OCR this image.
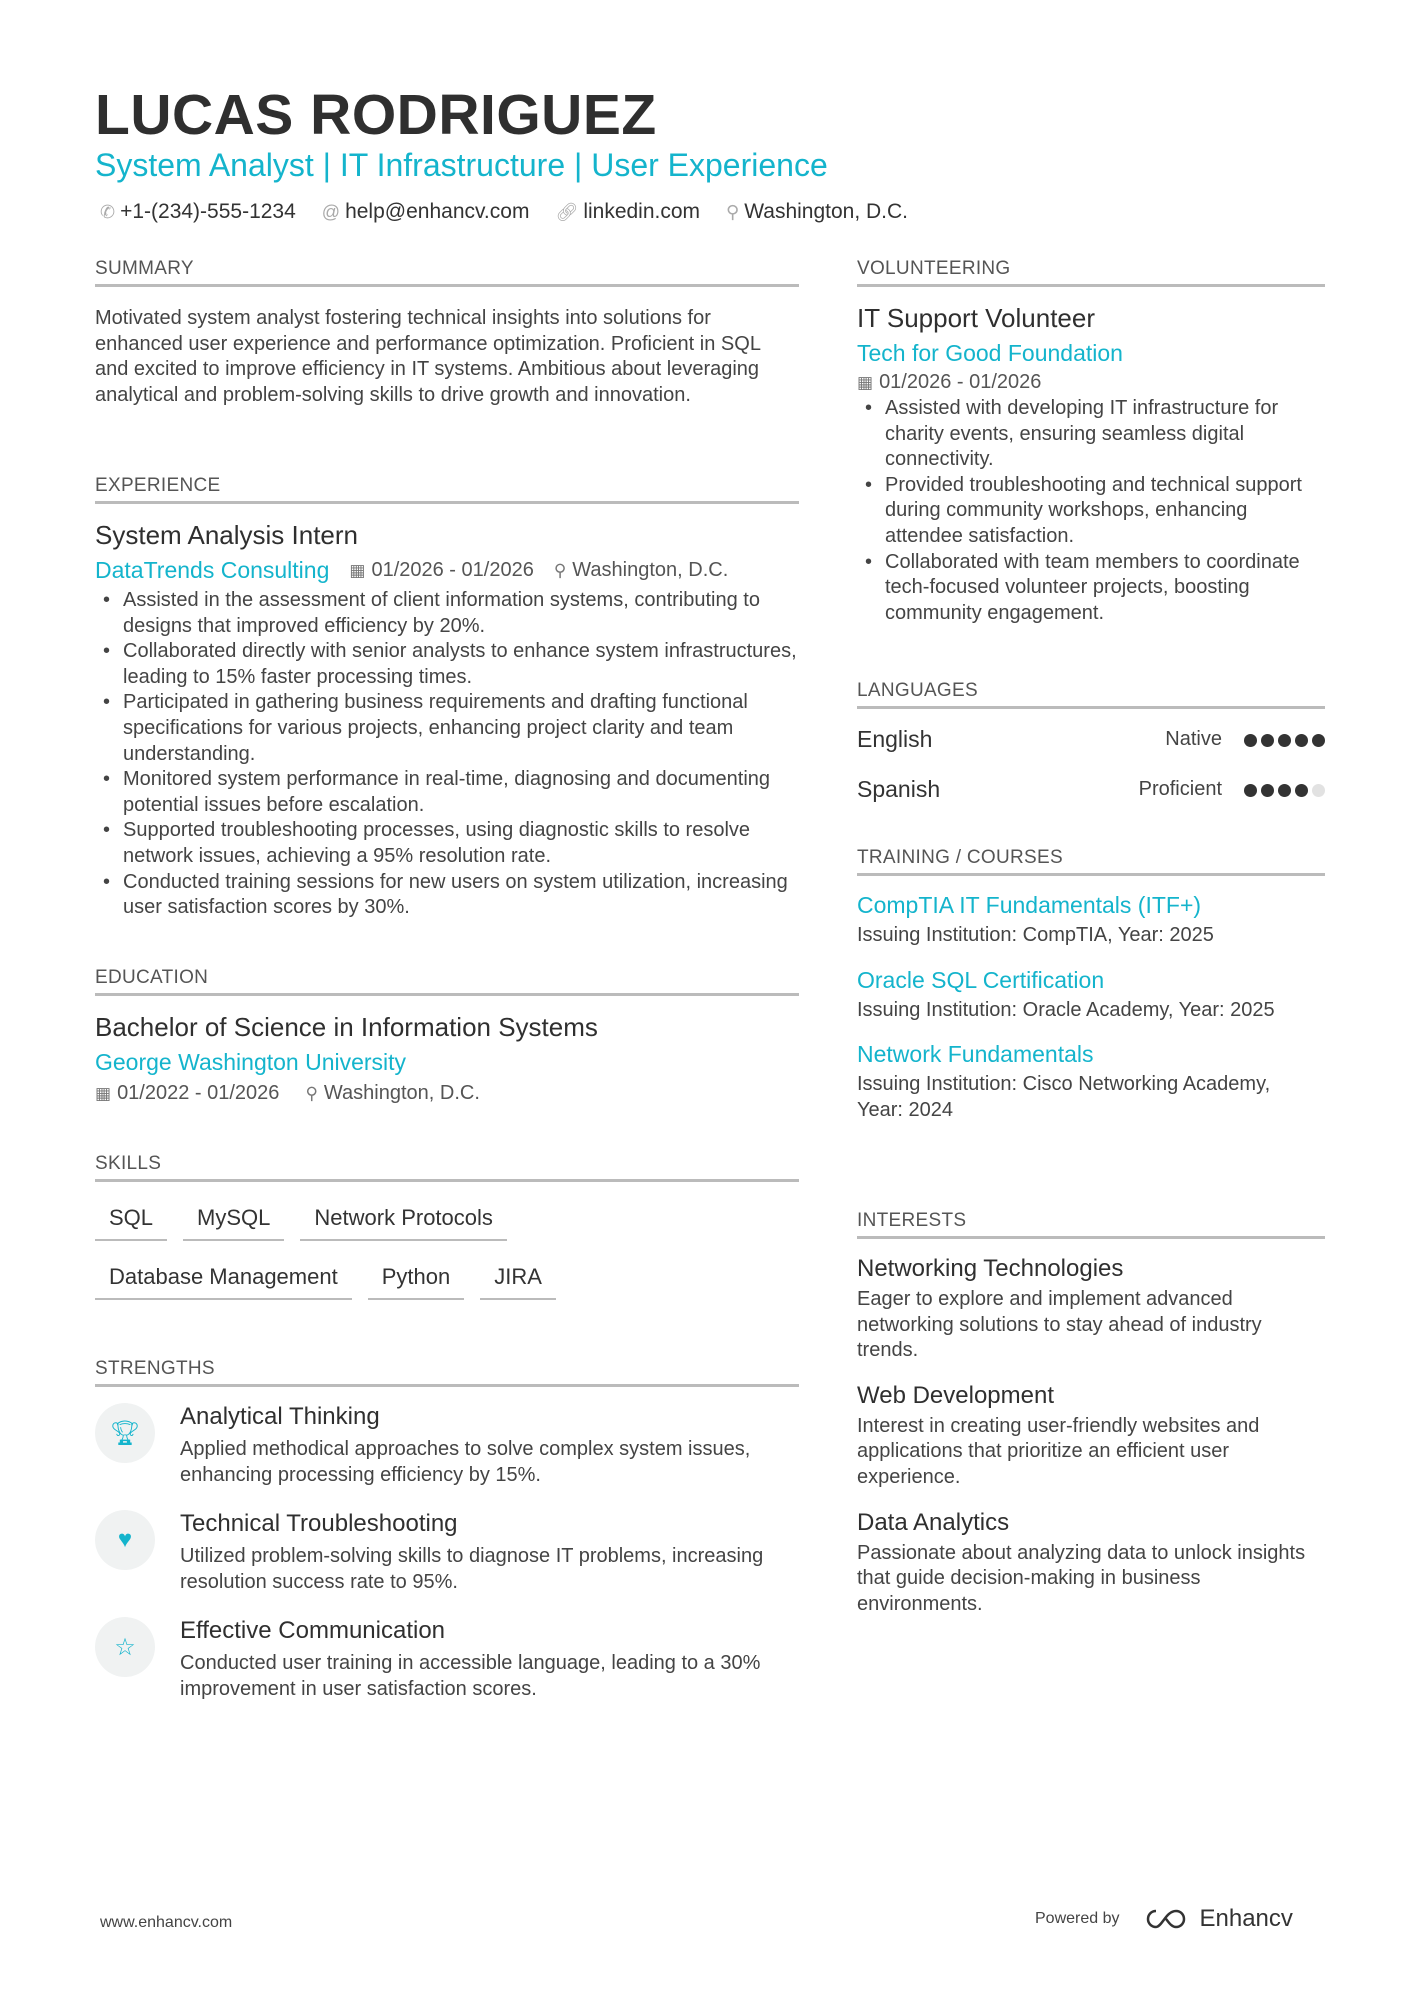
LUCAS RODRIGUEZ
System Analyst | IT Infrastructure | User Experience
✆ +1-(234)-555-1234 @ help@enhancv.com 🔗︎ linkedin.com ⚲ Washington, D.C.
SUMMARY
Motivated system analyst fostering technical insights into solutions for enhanced user experience and performance optimization. Proficient in SQL and excited to improve efficiency in IT systems. Ambitious about leveraging analytical and problem-solving skills to drive growth and innovation.
EXPERIENCE
System Analysis Intern
DataTrends Consulting ▦ 01/2026 - 01/2026 ⚲ Washington, D.C.
• Assisted in the assessment of client information systems, contributing to designs that improved efficiency by 20%.
• Collaborated directly with senior analysts to enhance system infrastructures, leading to 15% faster processing times.
• Participated in gathering business requirements and drafting functional specifications for various projects, enhancing project clarity and team understanding.
• Monitored system performance in real-time, diagnosing and documenting potential issues before escalation.
• Supported troubleshooting processes, using diagnostic skills to resolve network issues, achieving a 95% resolution rate.
• Conducted training sessions for new users on system utilization, increasing user satisfaction scores by 30%.
EDUCATION
Bachelor of Science in Information Systems
George Washington University
▦ 01/2022 - 01/2026 ⚲ Washington, D.C.
SKILLS
SQL	MySQL	Network Protocols
Database Management	Python	JIRA
STRENGTHS
🏆︎
Analytical Thinking
Applied methodical approaches to solve complex system issues, enhancing processing efficiency by 15%.
♥
Technical Troubleshooting
Utilized problem-solving skills to diagnose IT problems, increasing resolution success rate to 95%.
☆
Effective Communication
Conducted user training in accessible language, leading to a 30% improvement in user satisfaction scores.
VOLUNTEERING
IT Support Volunteer
Tech for Good Foundation
▦ 01/2026 - 01/2026
• Assisted with developing IT infrastructure for charity events, ensuring seamless digital connectivity.
• Provided troubleshooting and technical support during community workshops, enhancing attendee satisfaction.
• Collaborated with team members to coordinate tech-focused volunteer projects, boosting community engagement.
LANGUAGES
English	Native
Spanish	Proficient
TRAINING / COURSES
CompTIA IT Fundamentals (ITF+)
Issuing Institution: CompTIA, Year: 2025
Oracle SQL Certification
Issuing Institution: Oracle Academy, Year: 2025
Network Fundamentals
Issuing Institution: Cisco Networking Academy, Year: 2024
INTERESTS
Networking Technologies
Eager to explore and implement advanced networking solutions to stay ahead of industry trends.
Web Development
Interest in creating user-friendly websites and applications that prioritize an efficient user experience.
Data Analytics
Passionate about analyzing data to unlock insights that guide decision-making in business environments.
www.enhancv.com	Powered by	Enhancv
